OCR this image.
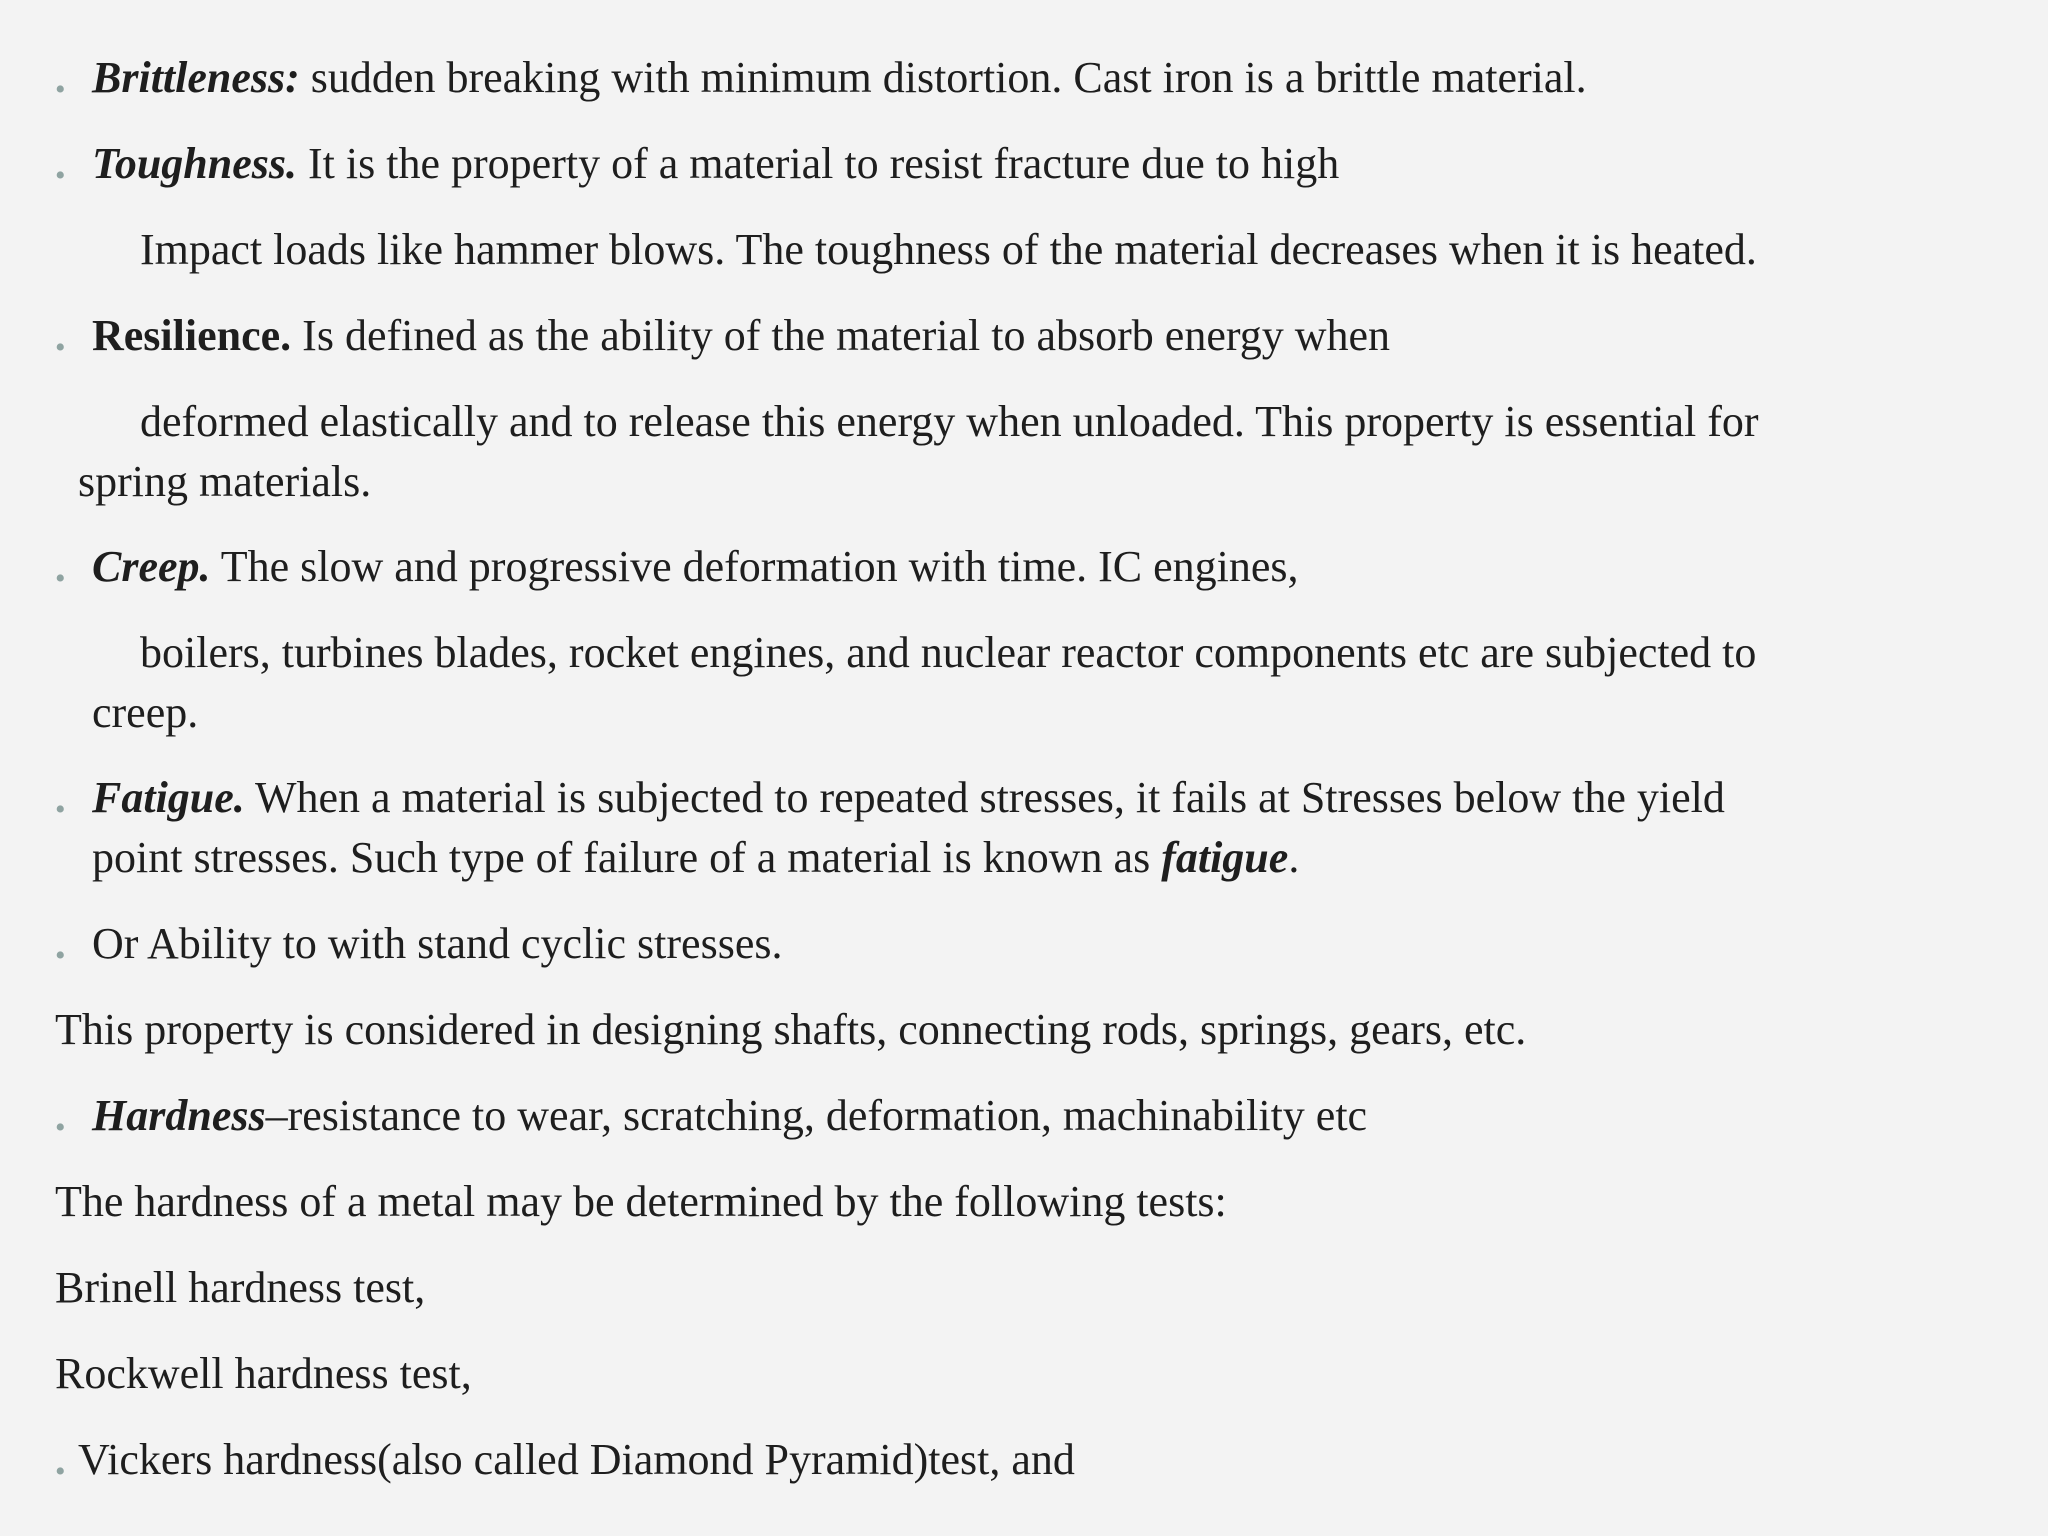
• Brittleness: sudden breaking with minimum distortion. Cast iron is a brittle material.
• Toughness. It is the property of a material to resist fracture due to high
Impact loads like hammer blows. The toughness of the material decreases when it is heated.
• Resilience. Is defined as the ability of the material to absorb energy when
deformed elastically and to release this energy when unloaded. This property is essential for
spring materials.
• Creep. The slow and progressive deformation with time. IC engines,
boilers, turbines blades, rocket engines, and nuclear reactor components etc are subjected to
creep.
• Fatigue. When a material is subjected to repeated stresses, it fails at Stresses below the yield
point stresses. Such type of failure of a material is known as fatigue.
• Or Ability to with stand cyclic stresses.
This property is considered in designing shafts, connecting rods, springs, gears, etc.
• Hardness–resistance to wear, scratching, deformation, machinability etc
The hardness of a metal may be determined by the following tests:
Brinell hardness test,
Rockwell hardness test,
• Vickers hardness(also called Diamond Pyramid)test, and
